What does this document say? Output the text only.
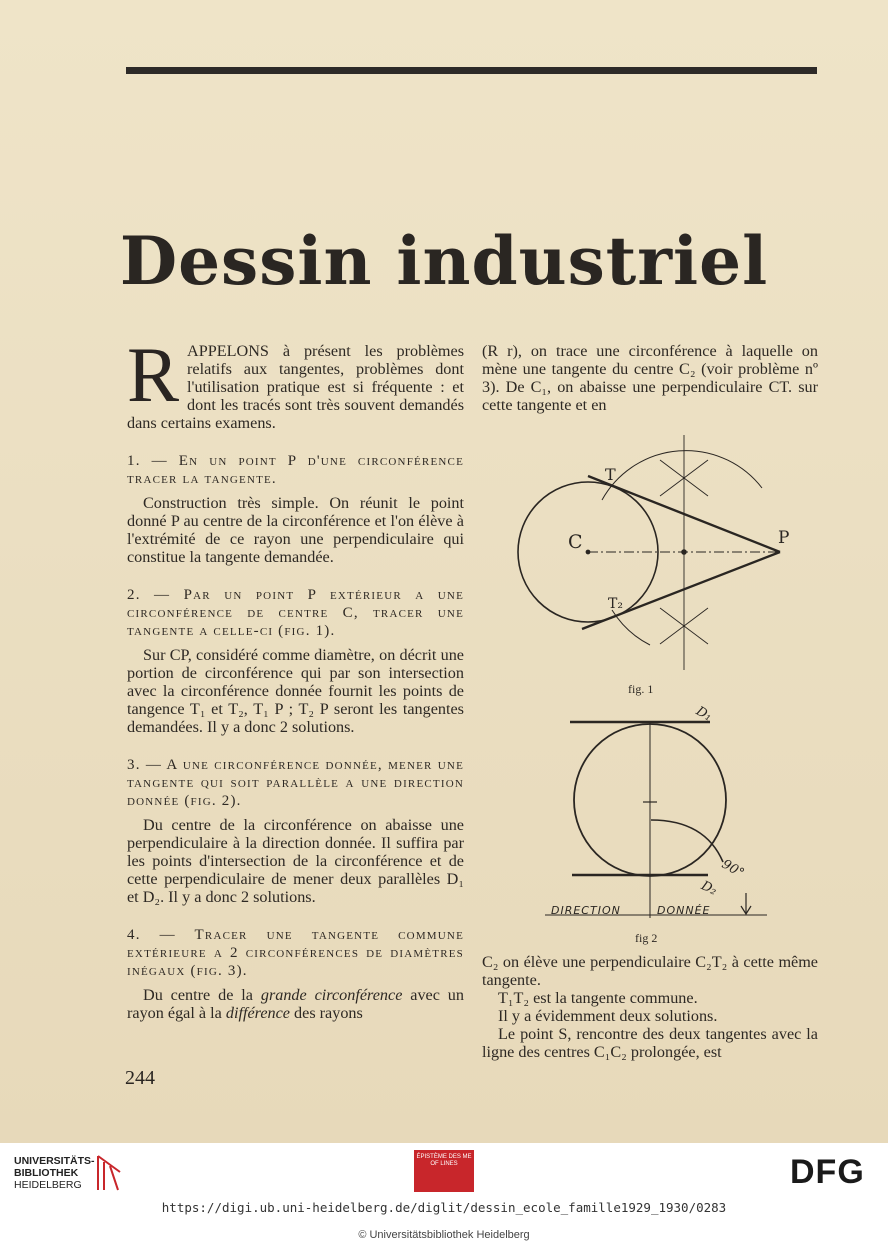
Dessin industriel

RAPPELONS à présent les problèmes relatifs aux tangentes, problèmes dont l'utilisation pratique est si fréquente : et dont les tracés sont très souvent demandés dans certains examens.

1. — En un point P d'une circonférence tracer la tangente.

Construction très simple. On réunit le point donné P au centre de la circonférence et l'on élève à l'extrémité de ce rayon une perpendiculaire qui constitue la tangente demandée.

2. — Par un point P extérieur a une circonférence de centre C, tracer une tangente a celle-ci (fig. 1).

Sur CP, considéré comme diamètre, on décrit une portion de circonférence qui par son intersection avec la circonférence donnée fournit les points de tangence T₁ et T₂, T₁ P ; T₂ P seront les tangentes demandées. Il y a donc 2 solutions.

3. — A une circonférence donnée, mener une tangente qui soit parallèle a une direction donnée (fig. 2).

Du centre de la circonférence on abaisse une perpendiculaire à la direction donnée. Il suffira par les points d'intersection de la circonférence et de cette perpendiculaire de mener deux parallèles D₁ et D₂. Il y a donc 2 solutions.

4. — Tracer une tangente commune extérieure a 2 circonférences de diamètres inégaux (fig. 3).

Du centre de la grande circonférence avec un rayon égal à la différence des rayons

(R r), on trace une circonférence à laquelle on mène une tangente du centre C₂ (voir problème nº 3). De C₁, on abaisse une perpendiculaire CT. sur cette tangente et en

C	P
T
T₂
fig. 1
D₁
D₂
90°
DIRECTION	DONNÉE
fig 2

C₂ on élève une perpendiculaire C₂T₂ à cette même tangente.

T₁T₂ est la tangente commune.

Il y a évidemment deux solutions.

Le point S, rencontre des deux tangentes avec la ligne des centres C₁C₂ prolongée, est

244
UNIVERSITÄTS-
BIBLIOTHEK
HEIDELBERG
ÉPISTÈME DES ME OF LINES	DFG
https://digi.ub.uni-heidelberg.de/diglit/dessin_ecole_famille1929_1930/0283
© Universitätsbibliothek Heidelberg
